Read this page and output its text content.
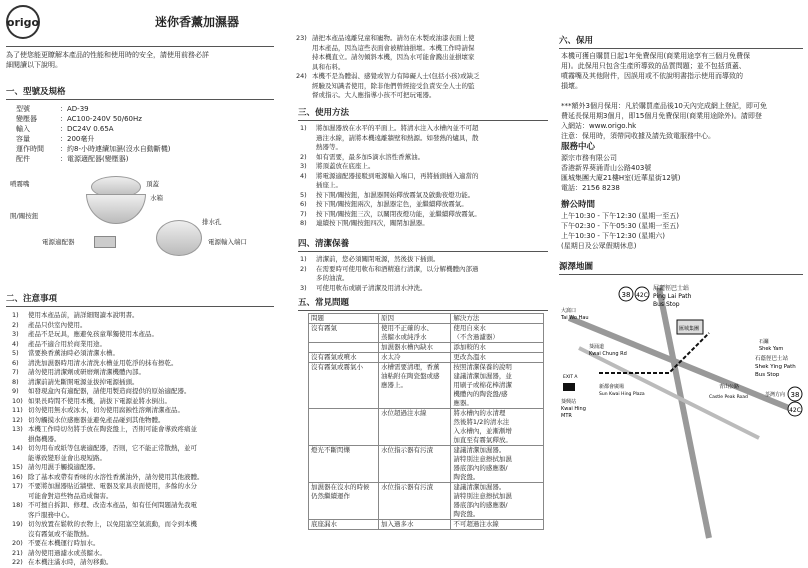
origo	迷你香薰加濕器
為了使您能更瞭解本產品的性能和使用時的安全，請使用前務必詳
細閱讀以下說明。
一、型號及規格
型號	：AD-39
變壓器	：AC100-240V 50/60Hz
輸入	：DC24V 0.65A
容量	：200毫升
運作時間	：約8-小時連續加濕(沒水自動斷機)
配件	：電源適配器(變壓器)
噴霧嘴	頂蓋
水箱
開/關按鈕
排水孔
電源適配器	電源輸入端口
二、注意事項
1)	使用本產品前，請詳細閱讀本說明書。
2)	產品只供室內使用。
3)	產品不是玩具，應避免孩童單獨使用本產品。
4)	產品不適合用於商業用途。
5)	當要換香薰油時必須清潔水槽。
6)	清洗加濕器時用清水清洗水槽並用乾淨的抹布擦乾。
7)	請勿使用清潔劑或研磨劑清潔機體內部。
8)	清潔前請先斷開電源並拔掉電源插頭。
9)	如發現盒內有適配器，請使用製造商提供的原始適配器。
10) 如果長時間不使用本機，請拔下電源並將水倒出。
11) 切勿使用無水或冰水，切勿使用腐蝕性溶劑清潔產品。
12) 切勿觸摸水位感應器並避免產品碰到其他物體。
13) 本機工作時切勿將手放在陶瓷盤上，否則可能會導致疼痛並
損傷機器。
14) 切勿用布或紙等包裹適配器，否則，它不能正常散熱，並可
能導致變形並會出現短路。
15) 請勿用濕手觸摸適配器。
16) 除了基本或帶有香味的水溶性香薰油外，請勿使用其他液體。
17) 不要將加濕器貼近牆壁、電器及家具表面使用，多餘的水分
可能會對這些物品造成傷害。
18) 不可擅自拆卸、修理、改造本產品，如有任何問題請先我電
客戶服務中心。
19) 切勿放置在鬆軟的衣物上，以免阻塞空氣流動，而令到本機
沒有霧氣或不能散熱。
20) 不要在本機運行時加水。
21) 請勿使用過濾水或蒸餾水。
22) 在本機注滿水時，請勿移動。
23) 請把本產品遠離兒童和寵物。請勿在木製或油漆表面上使
用本產品，因為這些表面會被精油損壞。本機工作時請保
持本機直立。請勿傾斜本機，因為水可能會濺出並損壞家
具和布料。
24) 本機不是為體弱、感覺或智力有障礙人士(包括小孩)或缺乏
經驗及知識者使用，除非他們曾經接受負責安全人士的監
督或指示。大人應指導小孩不可把玩電器。
三、使用方法
1)	將加濕器放在水平的平面上。將清水注入水槽內並不可超
過注水線，請將本機遠離牆壁和熱源。如發熱的爐具，散
熱器等。
2)	如有需要，最多加5滴水溶性香薰油。
3)	將頂蓋放在底座上。
4)	將電源適配器接駁到電源輸入端口，再將插頭插入適當的
插座上。
5)	按下開/關按鈕，加濕器開始釋放霧氣及啟動夜燈功能。
6)	按下開/關按鈕兩次，加濕器定色，並繼續釋放霧氣。
7)	按下開/關按鈕三次，以關閉夜燈功能，並繼續釋放霧氣。
8)	連續按下開/關按鈕四次，關閉加濕器。
四、清潔保養
1)	清潔前，您必須關閉電源，然後拔下插頭。
2)	在需要時可使用軟布和酒精進行清潔，以分解機體內部過
多的油漬。
3)	可使用軟布或刷子清潔及用清水沖洗。
五、常見問題
問題	原因	解決方法
沒有霧氣	使用不正確的水、
蒸餾水或純淨水	使用自來水
（不含過濾器）
	加濕器水槽內缺水	添加較的水
沒有霧氣或噴水	水太冷	更改為溫水
沒有霧氣或霧氣小	水槽需要清理，香薰
油粘附在陶瓷盤或感
應器上。	按照清潔保養的說明
建議清潔加濕器，並
用刷子或棉花棒清潔
機體內的陶瓷盤/感
應器。
	水位超過注水線	將水槽內的水清理
然後將1/2的清水注
入水槽內，並漸漸增
加直至有霧氣釋放。
燈光不斷閃爍	水位指示器有污漬	建議清潔加濕器。
請特別注意擦拭加濕
器底部內的感應器/
陶瓷盤。
加濕器在沒水的時候
仍然繼續運作	水位指示器有污漬	建議清潔加濕器。
請特別注意擦拭加濕
器底部內的感應器/
陶瓷盤。
底座漏水	加入過多水	不可超過注水線
六、保用
本機可獲自購買日起1年免費保用(商業用途享有三個月免費保
用)。此保用只包含生產所導致的品質問題；並不包括頂蓋、
噴霧嘴及其他附件，因誤用或不依說明書指示使用而導致的
損壞。
***額外3個月保用：凡於購買產品後10天內完成網上登記，即可免
費延長保用期3個月，即15個月免費保用(商業用途除外)。請即登
入網站：www.origo.hk
注意：保用時，須帶同收據及請先致電服務中心。
服務中心
源宗市務有限公司
香港新界葵涌青山公路403號
匯城集團大廈21樓H室(近華星街12號)
電話：2156 8238
辦公時間
上午10:30 - 下午12:30 (星期一至五)
下午02:30 - 下午05:30 (星期一至五)
上午10:30 - 下午12:30 (星期六)
(星期日及公眾假期休息)
源澤地圖
38 42C
屏麗徑巴士站
Ping Lai Path
Bus Stop
大窩口
Tai Wo Hau
葵涌道
Kwai Chung Rd
葵興站
Kwai Hing
MTR
新都會廣場
Sun Kwai Hing Plaza
匯城集團
石籬
Shek Yam
石蔭徑巴士站
Shek Ying Path
Bus Stop
38
42C
青山公路
Castle Peak Road	荃灣方向
EXIT A
